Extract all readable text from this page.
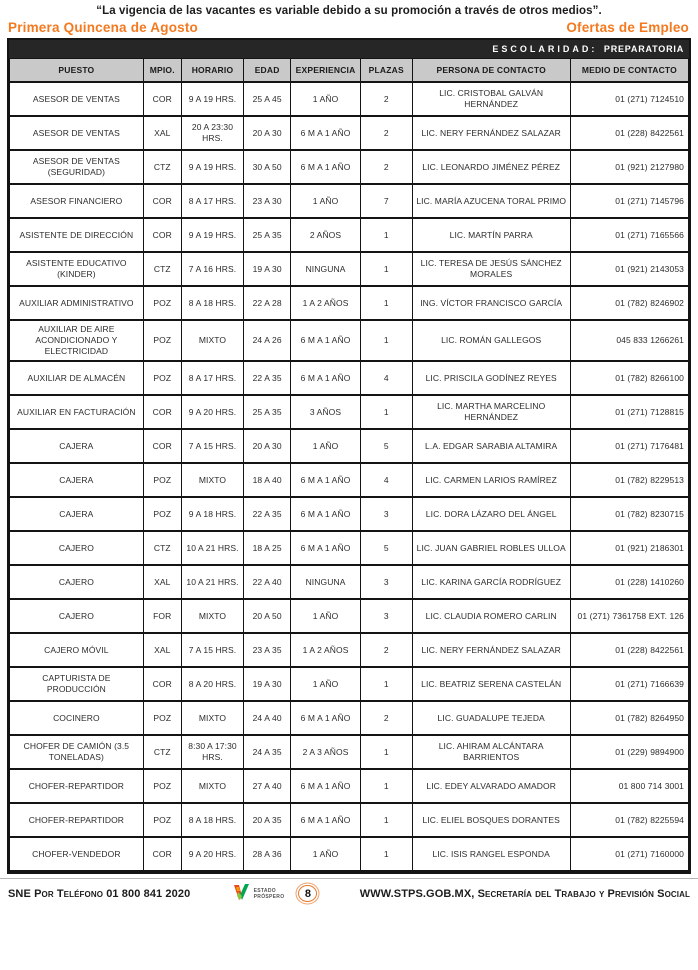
“La vigencia de las vacantes es variable debido a su promoción a través de otros medios”.
Primera Quincena de Agosto	Ofertas de Empleo
ESCOLARIDAD: PREPARATORIA
PUESTO	MPIO.	HORARIO	EDAD	EXPERIENCIA	PLAZAS	PERSONA DE CONTACTO	MEDIO DE CONTACTO
ASESOR DE VENTAS	COR	9 A 19 HRS.	25 A 45	1 AÑO	2	LIC. CRISTOBAL GALVÁN HERNÁNDEZ	01 (271) 7124510
ASESOR DE VENTAS	XAL	20 A 23:30 HRS.	20 A 30	6 M A 1 AÑO	2	LIC. NERY FERNÁNDEZ SALAZAR	01 (228) 8422561
ASESOR DE VENTAS (SEGURIDAD)	CTZ	9 A 19 HRS.	30 A 50	6 M A 1 AÑO	2	LIC. LEONARDO JIMÉNEZ PÉREZ	01 (921) 2127980
ASESOR FINANCIERO	COR	8 A 17 HRS.	23 A 30	1 AÑO	7	LIC. MARÍA AZUCENA TORAL PRIMO	01 (271) 7145796
ASISTENTE DE DIRECCIÓN	COR	9 A 19 HRS.	25 A 35	2 AÑOS	1	LIC. MARTÍN PARRA	01 (271) 7165566
ASISTENTE EDUCATIVO (KINDER)	CTZ	7 A 16 HRS.	19 A 30	NINGUNA	1	LIC. TERESA DE JESÚS SÁNCHEZ MORALES	01 (921) 2143053
AUXILIAR ADMINISTRATIVO	POZ	8 A 18 HRS.	22 A 28	1 A 2 AÑOS	1	ING. VÍCTOR FRANCISCO GARCÍA	01 (782) 8246902
AUXILIAR DE AIRE ACONDICIONADO Y ELECTRICIDAD	POZ	MIXTO	24 A 26	6 M A 1 AÑO	1	LIC. ROMÁN GALLEGOS	045 833 1266261
AUXILIAR DE ALMACÉN	POZ	8 A 17 HRS.	22 A 35	6 M A 1 AÑO	4	LIC. PRISCILA GODÍNEZ REYES	01 (782) 8266100
AUXILIAR EN FACTURACIÓN	COR	9 A 20 HRS.	25 A 35	3 AÑOS	1	LIC. MARTHA MARCELINO HERNÁNDEZ	01 (271) 7128815
CAJERA	COR	7 A 15 HRS.	20 A 30	1 AÑO	5	L.A. EDGAR SARABIA ALTAMIRA	01 (271) 7176481
CAJERA	POZ	MIXTO	18 A 40	6 M A 1 AÑO	4	LIC. CARMEN LARIOS RAMÍREZ	01 (782) 8229513
CAJERA	POZ	9 A 18 HRS.	22 A 35	6 M A 1 AÑO	3	LIC. DORA LÁZARO DEL ÁNGEL	01 (782) 8230715
CAJERO	CTZ	10 A 21 HRS.	18 A 25	6 M A 1 AÑO	5	LIC. JUAN GABRIEL ROBLES ULLOA	01 (921) 2186301
CAJERO	XAL	10 A 21 HRS.	22 A 40	NINGUNA	3	LIC. KARINA GARCÍA RODRÍGUEZ	01 (228) 1410260
CAJERO	FOR	MIXTO	20 A 50	1 AÑO	3	LIC. CLAUDIA ROMERO CARLIN	01 (271) 7361758 EXT. 126
CAJERO MÓVIL	XAL	7 A 15 HRS.	23 A 35	1 A 2 AÑOS	2	LIC. NERY FERNÁNDEZ SALAZAR	01 (228) 8422561
CAPTURISTA DE PRODUCCIÓN	COR	8 A 20 HRS.	19 A 30	1 AÑO	1	LIC. BEATRIZ SERENA CASTELÁN	01 (271) 7166639
COCINERO	POZ	MIXTO	24 A 40	6 M A 1 AÑO	2	LIC. GUADALUPE TEJEDA	01 (782) 8264950
CHOFER DE CAMIÓN (3.5 TONELADAS)	CTZ	8:30 A 17:30 HRS.	24 A 35	2 A 3 AÑOS	1	LIC. AHIRAM ALCÁNTARA BARRIENTOS	01 (229) 9894900
CHOFER-REPARTIDOR	POZ	MIXTO	27 A 40	6 M A 1 AÑO	1	LIC. EDEY ALVARADO AMADOR	01 800 714 3001
CHOFER-REPARTIDOR	POZ	8 A 18 HRS.	20 A 35	6 M A 1 AÑO	1	LIC. ELIEL BOSQUES DORANTES	01 (782) 8225594
CHOFER-VENDEDOR	COR	9 A 20 HRS.	28 A 36	1 AÑO	1	LIC. ISIS RANGEL ESPONDA	01 (271) 7160000
SNE Por Teléfono 01 800 841 2020	ESTADO
PRÓSPERO	8	WWW.STPS.GOB.MX, Secretaría del Trabajo y Previsión Social
